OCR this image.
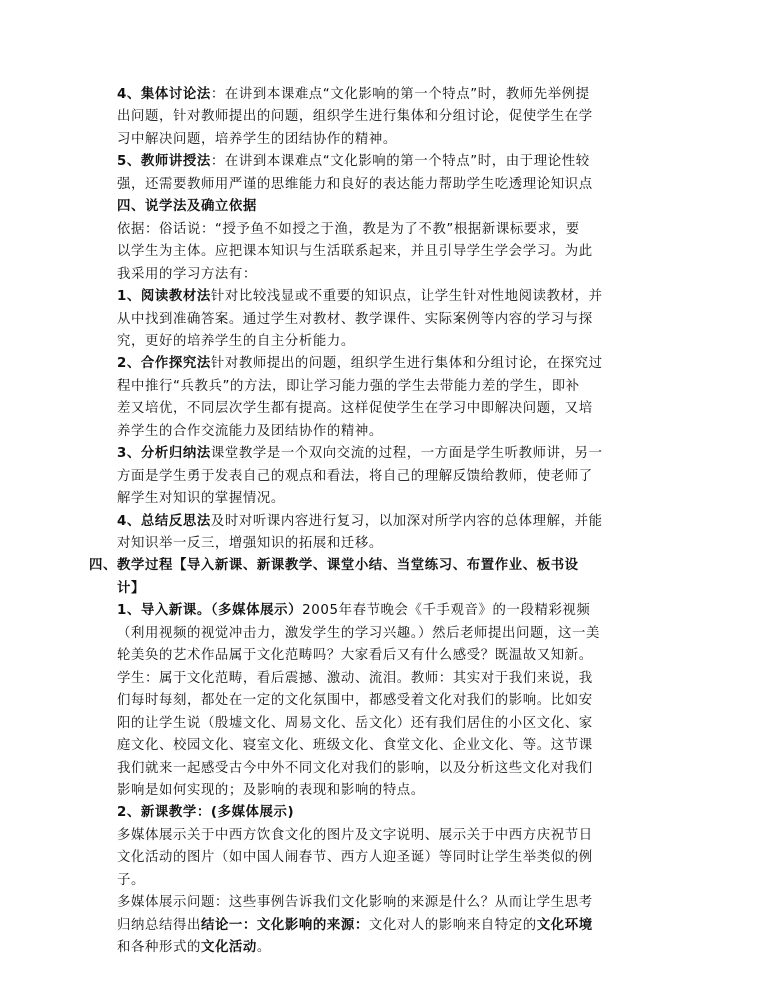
4、集体讨论法：在讲到本课难点“文化影响的第一个特点”时，教师先举例提
出问题，针对教师提出的问题，组织学生进行集体和分组讨论，促使学生在学
习中解决问题，培养学生的团结协作的精神。
5、教师讲授法：在讲到本课难点“文化影响的第一个特点”时，由于理论性较
强，还需要教师用严谨的思维能力和良好的表达能力帮助学生吃透理论知识点
四、说学法及确立依据
依据：俗话说：“授予鱼不如授之于渔，教是为了不教”根据新课标要求，要
以学生为主体。应把课本知识与生活联系起来，并且引导学生学会学习。为此
我采用的学习方法有：
1、阅读教材法针对比较浅显或不重要的知识点，让学生针对性地阅读教材，并
从中找到准确答案。通过学生对教材、教学课件、实际案例等内容的学习与探
究，更好的培养学生的自主分析能力。
2、合作探究法针对教师提出的问题，组织学生进行集体和分组讨论，在探究过
程中推行“兵教兵”的方法，即让学习能力强的学生去带能力差的学生，即补
差又培优，不同层次学生都有提高。这样促使学生在学习中即解决问题，又培
养学生的合作交流能力及团结协作的精神。
3、分析归纳法课堂教学是一个双向交流的过程，一方面是学生听教师讲，另一
方面是学生勇于发表自己的观点和看法，将自己的理解反馈给教师，使老师了
解学生对知识的掌握情况。
4、总结反思法及时对听课内容进行复习，以加深对所学内容的总体理解，并能
对知识举一反三，增强知识的拓展和迁移。
四、教学过程【导入新课、新课教学、课堂小结、当堂练习、布置作业、板书设
计】
1、导入新课。（多媒体展示）2005年春节晚会《千手观音》的一段精彩视频
（利用视频的视觉冲击力，激发学生的学习兴趣。）然后老师提出问题，这一美
轮美奂的艺术作品属于文化范畴吗？大家看后又有什么感受？既温故又知新。
学生：属于文化范畴，看后震撼、激动、流泪。教师：其实对于我们来说，我
们每时每刻，都处在一定的文化氛围中，都感受着文化对我们的影响。比如安
阳的让学生说（殷墟文化、周易文化、岳文化）还有我们居住的小区文化、家
庭文化、校园文化、寝室文化、班级文化、食堂文化、企业文化、等。这节课
我们就来一起感受古今中外不同文化对我们的影响，以及分析这些文化对我们
影响是如何实现的；及影响的表现和影响的特点。
2、新课教学：(多媒体展示)
多媒体展示关于中西方饮食文化的图片及文字说明、展示关于中西方庆祝节日
文化活动的图片（如中国人闹春节、西方人迎圣诞）等同时让学生举类似的例
子。
多媒体展示问题：这些事例告诉我们文化影响的来源是什么？从而让学生思考
归纳总结得出结论一：文化影响的来源：文化对人的影响来自特定的文化环境
和各种形式的文化活动。
